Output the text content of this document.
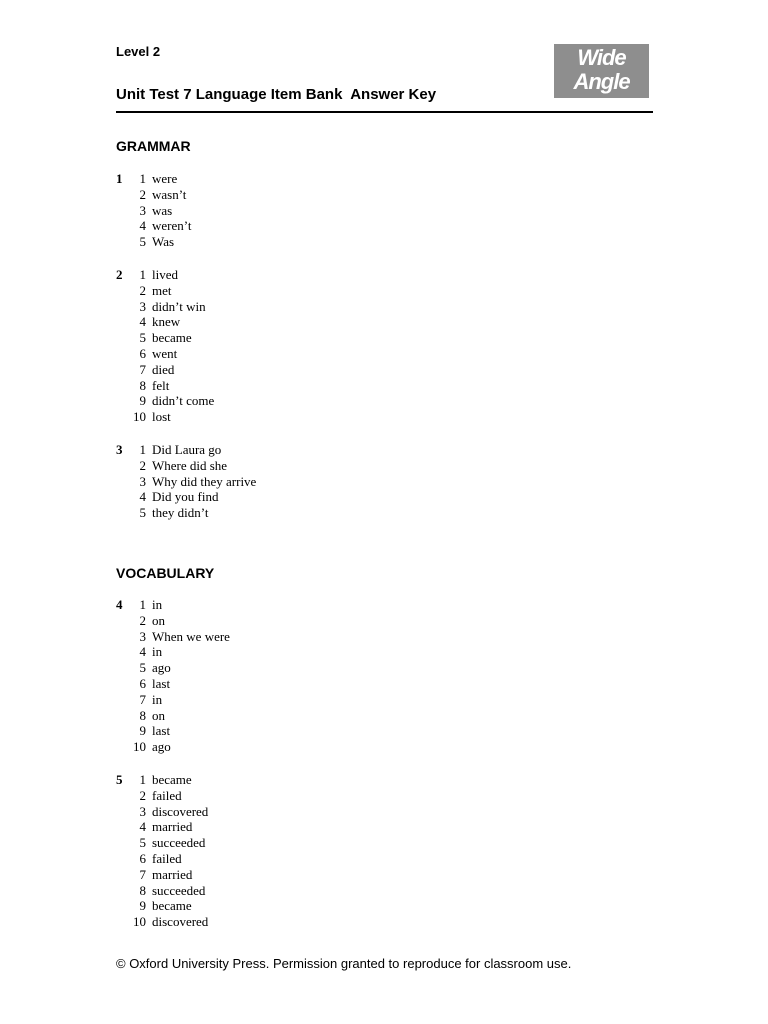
Level 2
Unit Test 7 Language Item Bank  Answer Key
Wide
Angle
GRAMMAR
1	1 were
2 wasn’t
3 was
4 weren’t
5 Was
2	1 lived
2 met
3 didn’t win
4 knew
5 became
6 went
7 died
8 felt
9 didn’t come
10 lost
3	1 Did Laura go
2 Where did she
3 Why did they arrive
4 Did you find
5 they didn’t
VOCABULARY
4	1 in
2 on
3 When we were
4 in
5 ago
6 last
7 in
8 on
9 last
10 ago
5	1 became
2 failed
3 discovered
4 married
5 succeeded
6 failed
7 married
8 succeeded
9 became
10 discovered
© Oxford University Press. Permission granted to reproduce for classroom use.
